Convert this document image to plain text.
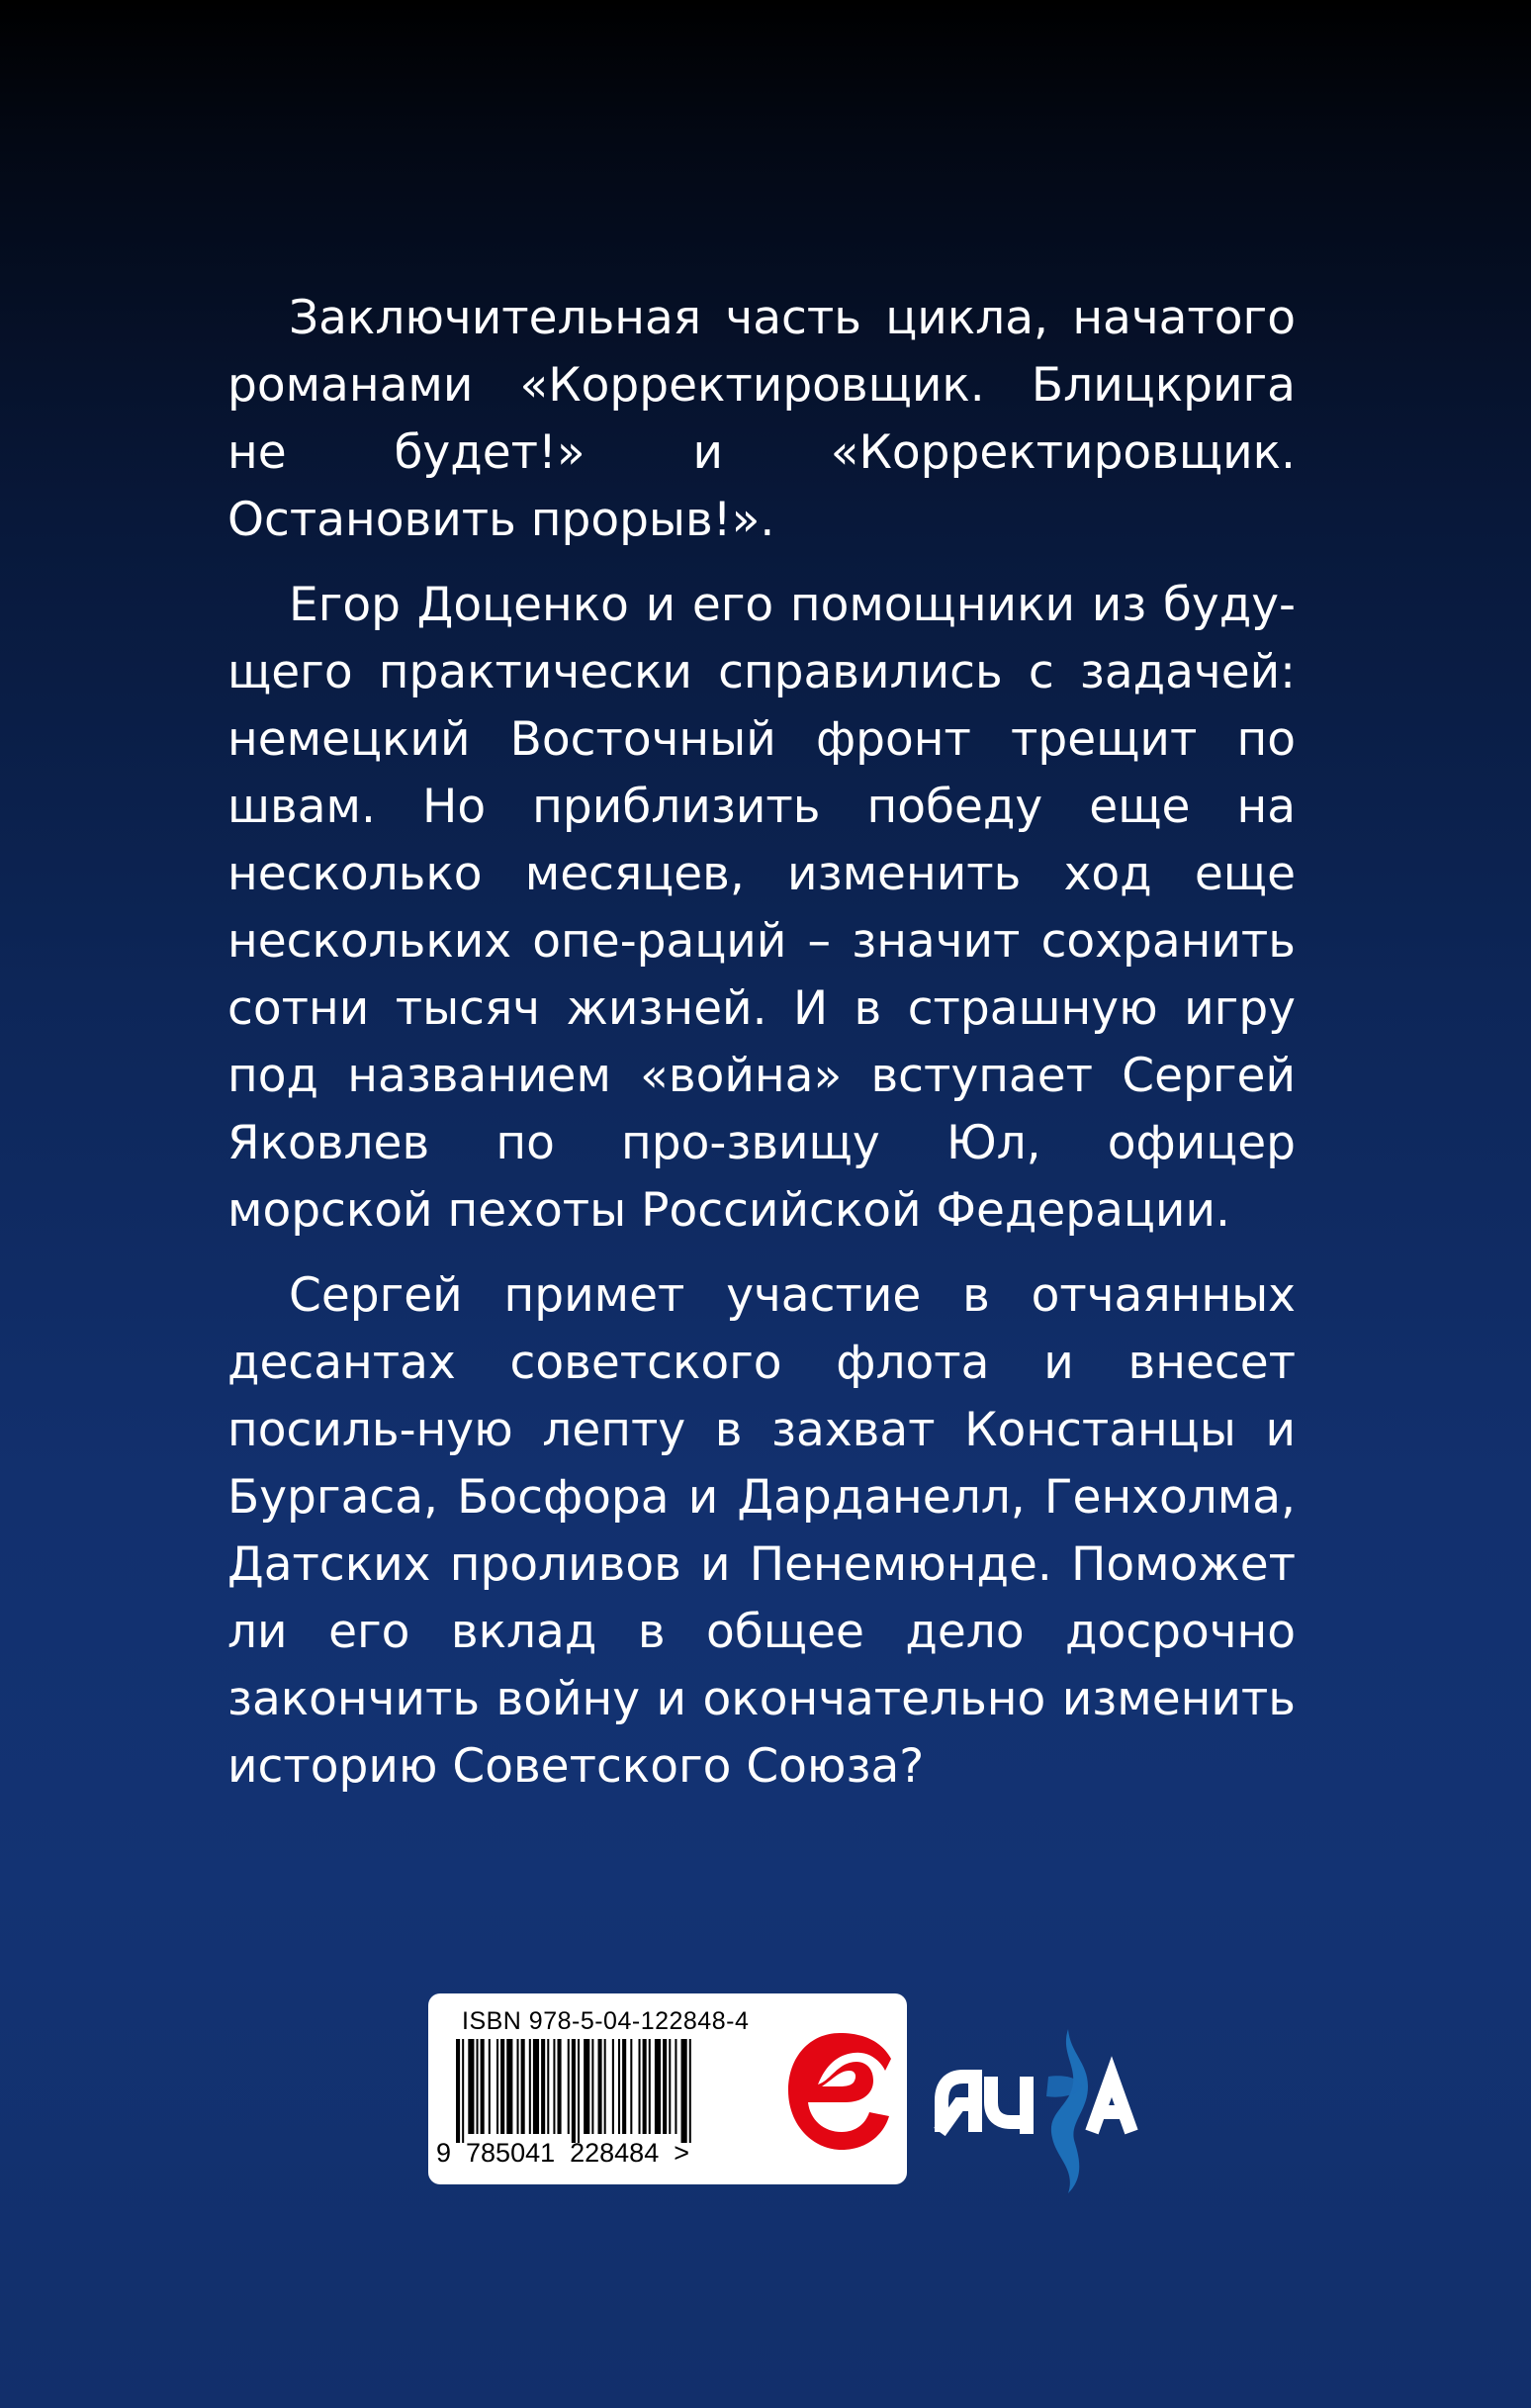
Заключительная часть цикла, начатого романами «Корректировщик. Блицкрига не будет!» и «Корректировщик. Остановить прорыв!».

Егор Доценко и его помощники из буду-щего практически справились с задачей: немецкий Восточный фронт трещит по швам. Но приблизить победу еще на несколько месяцев, изменить ход еще нескольких опе-раций – значит сохранить сотни тысяч жизней. И в страшную игру под названием «война» вступает Сергей Яковлев по про-звищу Юл, офицер морской пехоты Российской Федерации.

Сергей примет участие в отчаянных десантах советского флота и внесет посиль-ную лепту в захват Констанцы и Бургаса, Босфора и Дарданелл, Генхолма, Датских проливов и Пенемюнде. Поможет ли его вклад в общее дело досрочно закончить войну и окончательно изменить историю Советского Союза?

ISBN 978-5-04-122848-4
9  785041  228484  >
